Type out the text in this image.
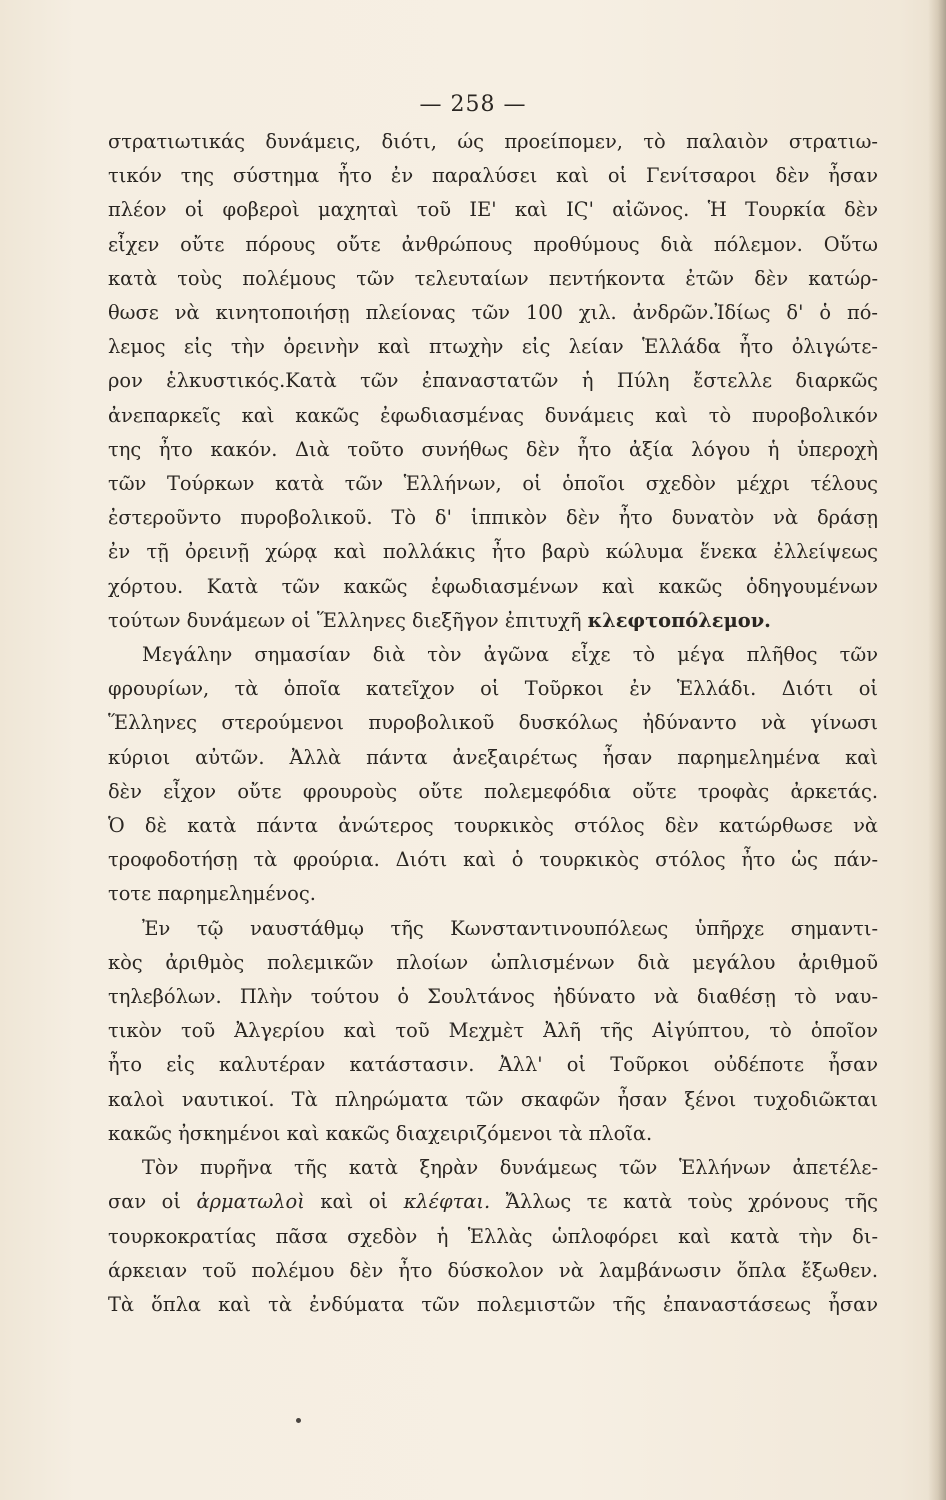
— 258 —

στρατιωτικάς δυνάμεις, διότι, ώς προείπομεν, τὸ παλαιὸν στρατιω-
τικόν της σύστημα ἦτο ἐν παραλύσει καὶ οἱ Γενίτσαροι δὲν ἦσαν
πλέον οἱ φοβεροὶ μαχηταὶ τοῦ ΙΕ' καὶ ΙϚ' αἰῶνος. Ἡ Τουρκία δὲν
εἶχεν οὔτε πόρους οὔτε ἀνθρώπους προθύμους διὰ πόλεμον. Οὕτω
κατὰ τοὺς πολέμους τῶν τελευταίων πεντήκοντα ἐτῶν δὲν κατώρ-
θωσε νὰ κινητοποιήσῃ πλείονας τῶν 100 χιλ. ἀνδρῶν.Ἰδίως δ' ὁ πό-
λεμος εἰς τὴν ὀρεινὴν καὶ πτωχὴν εἰς λείαν Ἑλλάδα ἦτο ὀλιγώτε-
ρον ἑλκυστικός.Κατὰ τῶν ἐπαναστατῶν ἡ Πύλη ἔστελλε διαρκῶς
ἀνεπαρκεῖς καὶ κακῶς ἐφωδιασμένας δυνάμεις καὶ τὸ πυροβολικόν
της ἦτο κακόν. Διὰ τοῦτο συνήθως δὲν ἦτο ἀξία λόγου ἡ ὑπεροχὴ
τῶν Τούρκων κατὰ τῶν Ἑλλήνων, οἱ ὁποῖοι σχεδὸν μέχρι τέλους
ἐστεροῦντο πυροβολικοῦ. Τὸ δ' ἱππικὸν δὲν ἦτο δυνατὸν νὰ δράσῃ
ἐν τῇ ὀρεινῇ χώρᾳ καὶ πολλάκις ἦτο βαρὺ κώλυμα ἕνεκα ἐλλείψεως
χόρτου. Κατὰ τῶν κακῶς ἐφωδιασμένων καὶ κακῶς ὁδηγουμένων
τούτων δυνάμεων οἱ Ἕλληνες διεξῆγον ἐπιτυχῆ κλεφτοπόλεμον.

Μεγάλην σημασίαν διὰ τὸν ἀγῶνα εἶχε τὸ μέγα πλῆθος τῶν
φρουρίων, τὰ ὁποῖα κατεῖχον οἱ Τοῦρκοι ἐν Ἑλλάδι. Διότι οἱ
Ἕλληνες στερούμενοι πυροβολικοῦ δυσκόλως ἠδύναντο νὰ γίνωσι
κύριοι αὐτῶν. Ἀλλὰ πάντα ἀνεξαιρέτως ἦσαν παρημελημένα καὶ
δὲν εἶχον οὔτε φρουροὺς οὔτε πολεμεφόδια οὔτε τροφὰς ἀρκετάς.
Ὁ δὲ κατὰ πάντα ἀνώτερος τουρκικὸς στόλος δὲν κατώρθωσε νὰ
τροφοδοτήσῃ τὰ φρούρια. Διότι καὶ ὁ τουρκικὸς στόλος ἦτο ὡς πάν-
τοτε παρημελημένος.

Ἐν τῷ ναυστάθμῳ τῆς Κωνσταντινουπόλεως ὑπῆρχε σημαντι-
κὸς ἀριθμὸς πολεμικῶν πλοίων ὡπλισμένων διὰ μεγάλου ἀριθμοῦ
τηλεβόλων. Πλὴν τούτου ὁ Σουλτάνος ἠδύνατο νὰ διαθέσῃ τὸ ναυ-
τικὸν τοῦ Ἀλγερίου καὶ τοῦ Μεχμὲτ Ἀλῆ τῆς Αἰγύπτου, τὸ ὁποῖον
ἦτο εἰς καλυτέραν κατάστασιν. Ἀλλ' οἱ Τοῦρκοι οὐδέποτε ἦσαν
καλοὶ ναυτικοί. Τὰ πληρώματα τῶν σκαφῶν ἦσαν ξένοι τυχοδιῶκται
κακῶς ἠσκημένοι καὶ κακῶς διαχειριζόμενοι τὰ πλοῖα.

Τὸν πυρῆνα τῆς κατὰ ξηρὰν δυνάμεως τῶν Ἑλλήνων ἀπετέλε-
σαν οἱ ἁρματωλοὶ καὶ οἱ κλέφται. Ἄλλως τε κατὰ τοὺς χρόνους τῆς
τουρκοκρατίας πᾶσα σχεδὸν ἡ Ἑλλὰς ὡπλοφόρει καὶ κατὰ τὴν δι-
άρκειαν τοῦ πολέμου δὲν ἦτο δύσκολον νὰ λαμβάνωσιν ὅπλα ἔξωθεν.
Τὰ ὅπλα καὶ τὰ ἐνδύματα τῶν πολεμιστῶν τῆς ἐπαναστάσεως ἦσαν
